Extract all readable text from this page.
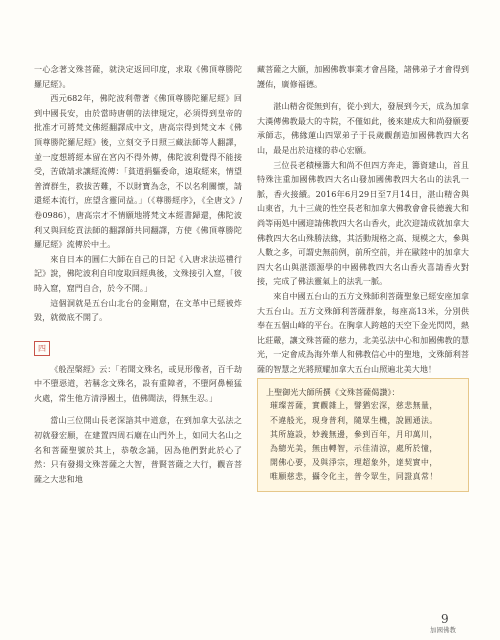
一心念著文殊菩薩，就決定返回印度，求取《佛頂尊勝陀羅尼經》。

西元682年，佛陀波利帶著《佛頂尊勝陀羅尼經》回到中國長安，由於當時唐朝的法律規定，必須得到皇帝的批准才可將梵文佛經翻譯成中文，唐高宗得到梵文本《佛頂尊勝陀羅尼經》後，立刻交予日照三藏法師等人翻譯，並一度想將經本留在宮內不得外傳，佛陀波利覺得不能接受，苦啟請求讓經流傳：「貧道捐軀委命，遠取經來，情望普濟群生，救拔苦難，不以財寶為念，不以名利關懷，請還經本流行，庶望含靈同益。」（《尊勝經序》，《全唐文》/卷0986），唐高宗才不情願地將梵文本經書歸還，佛陀波利又與回紇貢法師的翻譯師共同翻譯，方使《佛頂尊勝陀羅尼經》流傳於中土。

來自日本的圓仁大師在自己的日記《入唐求法巡禮行記》說，佛陀波利自印度取回經典後，文殊接引入窟，「彼時入窟，窟門自合，於今不開。」

這個洞就是五台山北台的金剛窟，在文革中已經被炸毀，就微底不開了。

四

《般涅槃經》云：「若聞文殊名，或見形像者，百千劫中不墮惡道，若稱念文殊名，設有重障者，不墮阿鼻極猛火處，常生他方清淨國土，值佛聞法，得無生忍。」

當山三位開山長老深諳其中道意，在到加拿大弘法之初就發宏願，在建置四周石廟在山門外上，如同大名山之名和菩薩聖號於其上，恭敬念誦，因為他們對此於心了然：只有發揚文殊菩薩之大智，普賢菩薩之大行，觀音菩薩之大悲和地

藏菩薩之大願，加國佛教事業才會昌隆，諸佛弟子才會得到護佑，廣修福德。

湛山精舍從無到有，從小到大，發展到今天，成為加拿大漢傳佛教最大的寺院，不僅如此，後來建成大和尚發願要承師志，佛緣蓮山四眾弟子于長歲觀創造加國佛教四大名山，最是出於這樣的恭心宏願。

三位長老積極籌大和尚不但四方奔走，籌資建山，首且特殊注重加國佛教四大名山發加國佛教四大名山的法乳一脈，香火接續。2016年6月29日至7月14日，湛山精舍與山東省，九十三歲的性空長老和加拿大佛教會會長德義大和尚等兩処中國迎請佛教四大名山香火，此次迎請成就加拿大佛教四大名山殊勝法緣，其活動規格之高、規模之大，參與人數之多，可謂史無前例，前所空前，并在歐陸中的加拿大四大名山與湛漂源學的中國佛教四大名山香火喜請香火對接，完成了佛法靈氣上的法乳一脈。

來自中國五台山的五方文殊師利菩薩聖象已經安座加拿大五台山。五方文殊師利菩薩群象，每座高13米，分別供奉在五個山峰的平台。在胸拿人跨越的天空下金光閃閃，熱比莊嚴，讓文殊菩薩的慈力，北美弘法中心和加國佛教的慧光，一定會成為海外華人和佛教信心中的聖地，文殊師利菩薩的智慧之光將照耀加拿大五台山照遍北美大地！

上聖御光大師所撰《文殊菩薩偈讚》：
璀璨菩薩，實觀雜上，譬猶宏深，慈悲無量，
不違般光，現身普利，隨眾生機，說圓通法。
其所施設，妙義無邊，參到百年，月印萬川，
為總光美，無由轉智，示佳清涼，處所於憧，
開佛心要，及與淨宗，理超象外，達契實中，
唯願慈悲，攝令化主，普令眾生，同證真常！
9
加國佛教
